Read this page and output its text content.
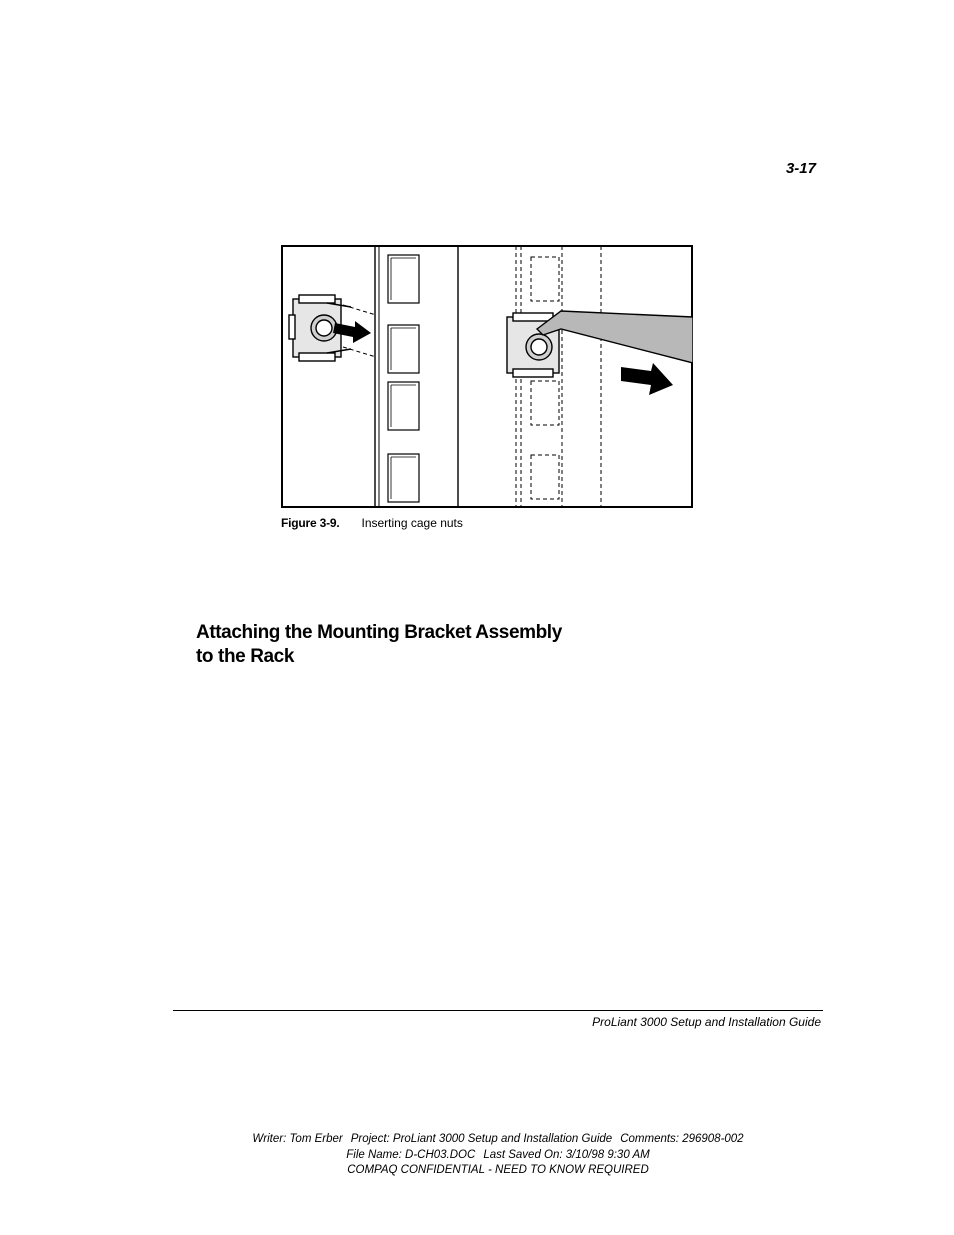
3-17
Figure 3-9. Inserting cage nuts
Attaching the Mounting Bracket Assembly
to the Rack
ProLiant 3000 Setup and Installation Guide
Writer: Tom Erber Project: ProLiant 3000 Setup and Installation Guide Comments: 296908-002
File Name: D-CH03.DOC Last Saved On: 3/10/98 9:30 AM
COMPAQ CONFIDENTIAL - NEED TO KNOW REQUIRED
